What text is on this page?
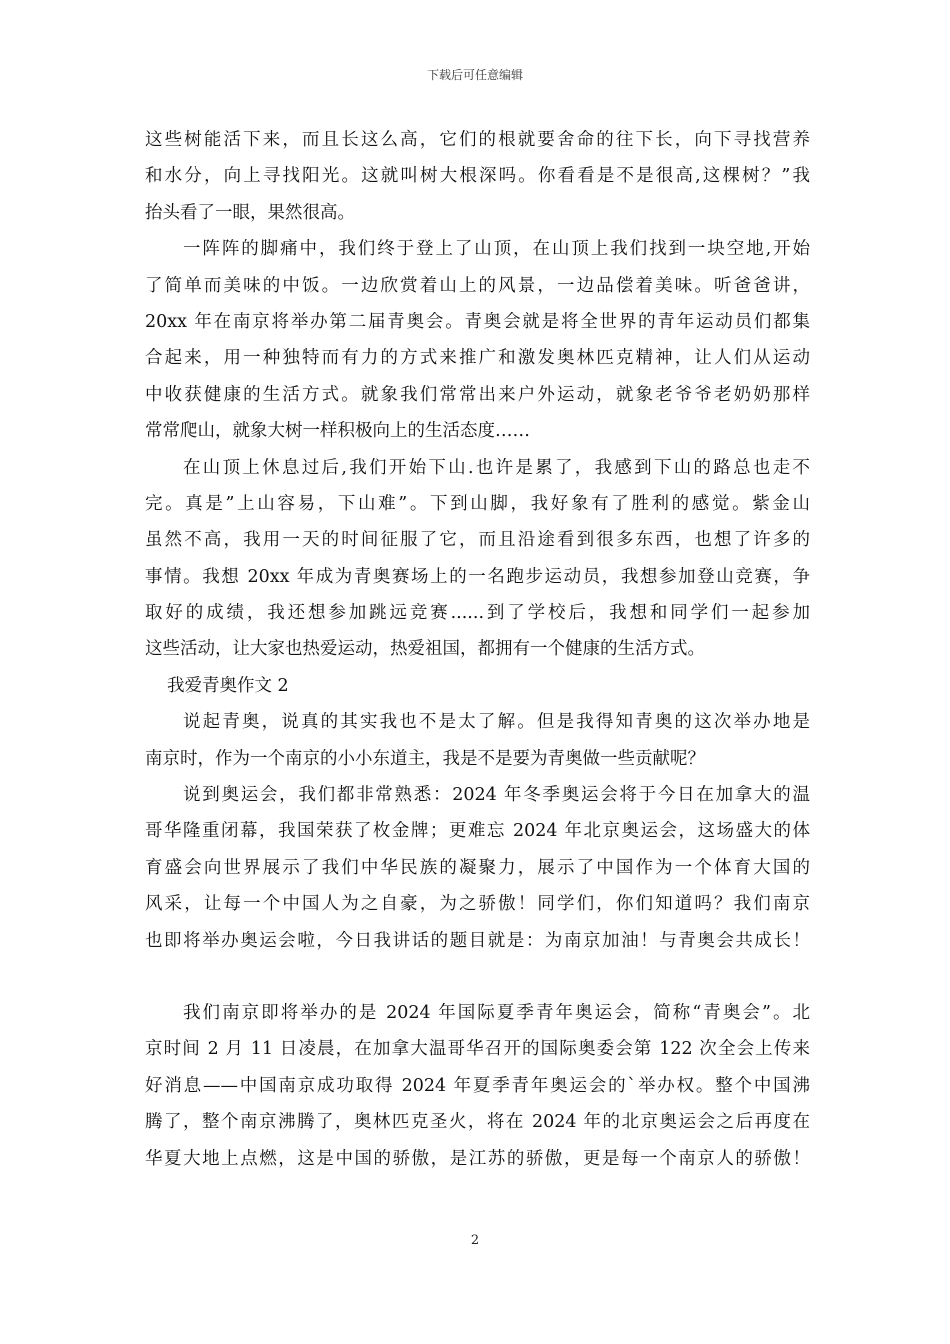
下载后可任意编辑
这些树能活下来，而且长这么高，它们的根就要舍命的往下长，向下寻找营养
和水分，向上寻找阳光。这就叫树大根深吗。你看看是不是很高,这棵树？”我
抬头看了一眼，果然很高。
一阵阵的脚痛中，我们终于登上了山顶，在山顶上我们找到一块空地,开始
了简单而美味的中饭。一边欣赏着山上的风景，一边品偿着美味。听爸爸讲，
20xx 年在南京将举办第二届青奥会。青奥会就是将全世界的青年运动员们都集
合起来，用一种独特而有力的方式来推广和激发奥林匹克精神，让人们从运动
中收获健康的生活方式。就象我们常常出来户外运动，就象老爷爷老奶奶那样
常常爬山，就象大树一样积极向上的生活态度……
在山顶上休息过后,我们开始下山.也许是累了，我感到下山的路总也走不
完。真是”上山容易，下山难”。下到山脚，我好象有了胜利的感觉。紫金山
虽然不高，我用一天的时间征服了它，而且沿途看到很多东西，也想了许多的
事情。我想 20xx 年成为青奥赛场上的一名跑步运动员，我想参加登山竞赛，争
取好的成绩，我还想参加跳远竞赛......到了学校后，我想和同学们一起参加
这些活动，让大家也热爱运动，热爱祖国，都拥有一个健康的生活方式。
我爱青奥作文 2
说起青奥，说真的其实我也不是太了解。但是我得知青奥的这次举办地是
南京时，作为一个南京的小小东道主，我是不是要为青奥做一些贡献呢？
说到奥运会，我们都非常熟悉：2024 年冬季奥运会将于今日在加拿大的温
哥华隆重闭幕，我国荣获了枚金牌；更难忘 2024 年北京奥运会，这场盛大的体
育盛会向世界展示了我们中华民族的凝聚力，展示了中国作为一个体育大国的
风采，让每一个中国人为之自豪，为之骄傲！同学们，你们知道吗？我们南京
也即将举办奥运会啦，今日我讲话的题目就是：为南京加油！与青奥会共成长！
我们南京即将举办的是 2024 年国际夏季青年奥运会，简称“青奥会”。北
京时间 2 月 11 日凌晨，在加拿大温哥华召开的国际奥委会第 122 次全会上传来
好消息——中国南京成功取得 2024 年夏季青年奥运会的`举办权。整个中国沸
腾了，整个南京沸腾了，奥林匹克圣火，将在 2024 年的北京奥运会之后再度在
华夏大地上点燃，这是中国的骄傲，是江苏的骄傲，更是每一个南京人的骄傲！
2
